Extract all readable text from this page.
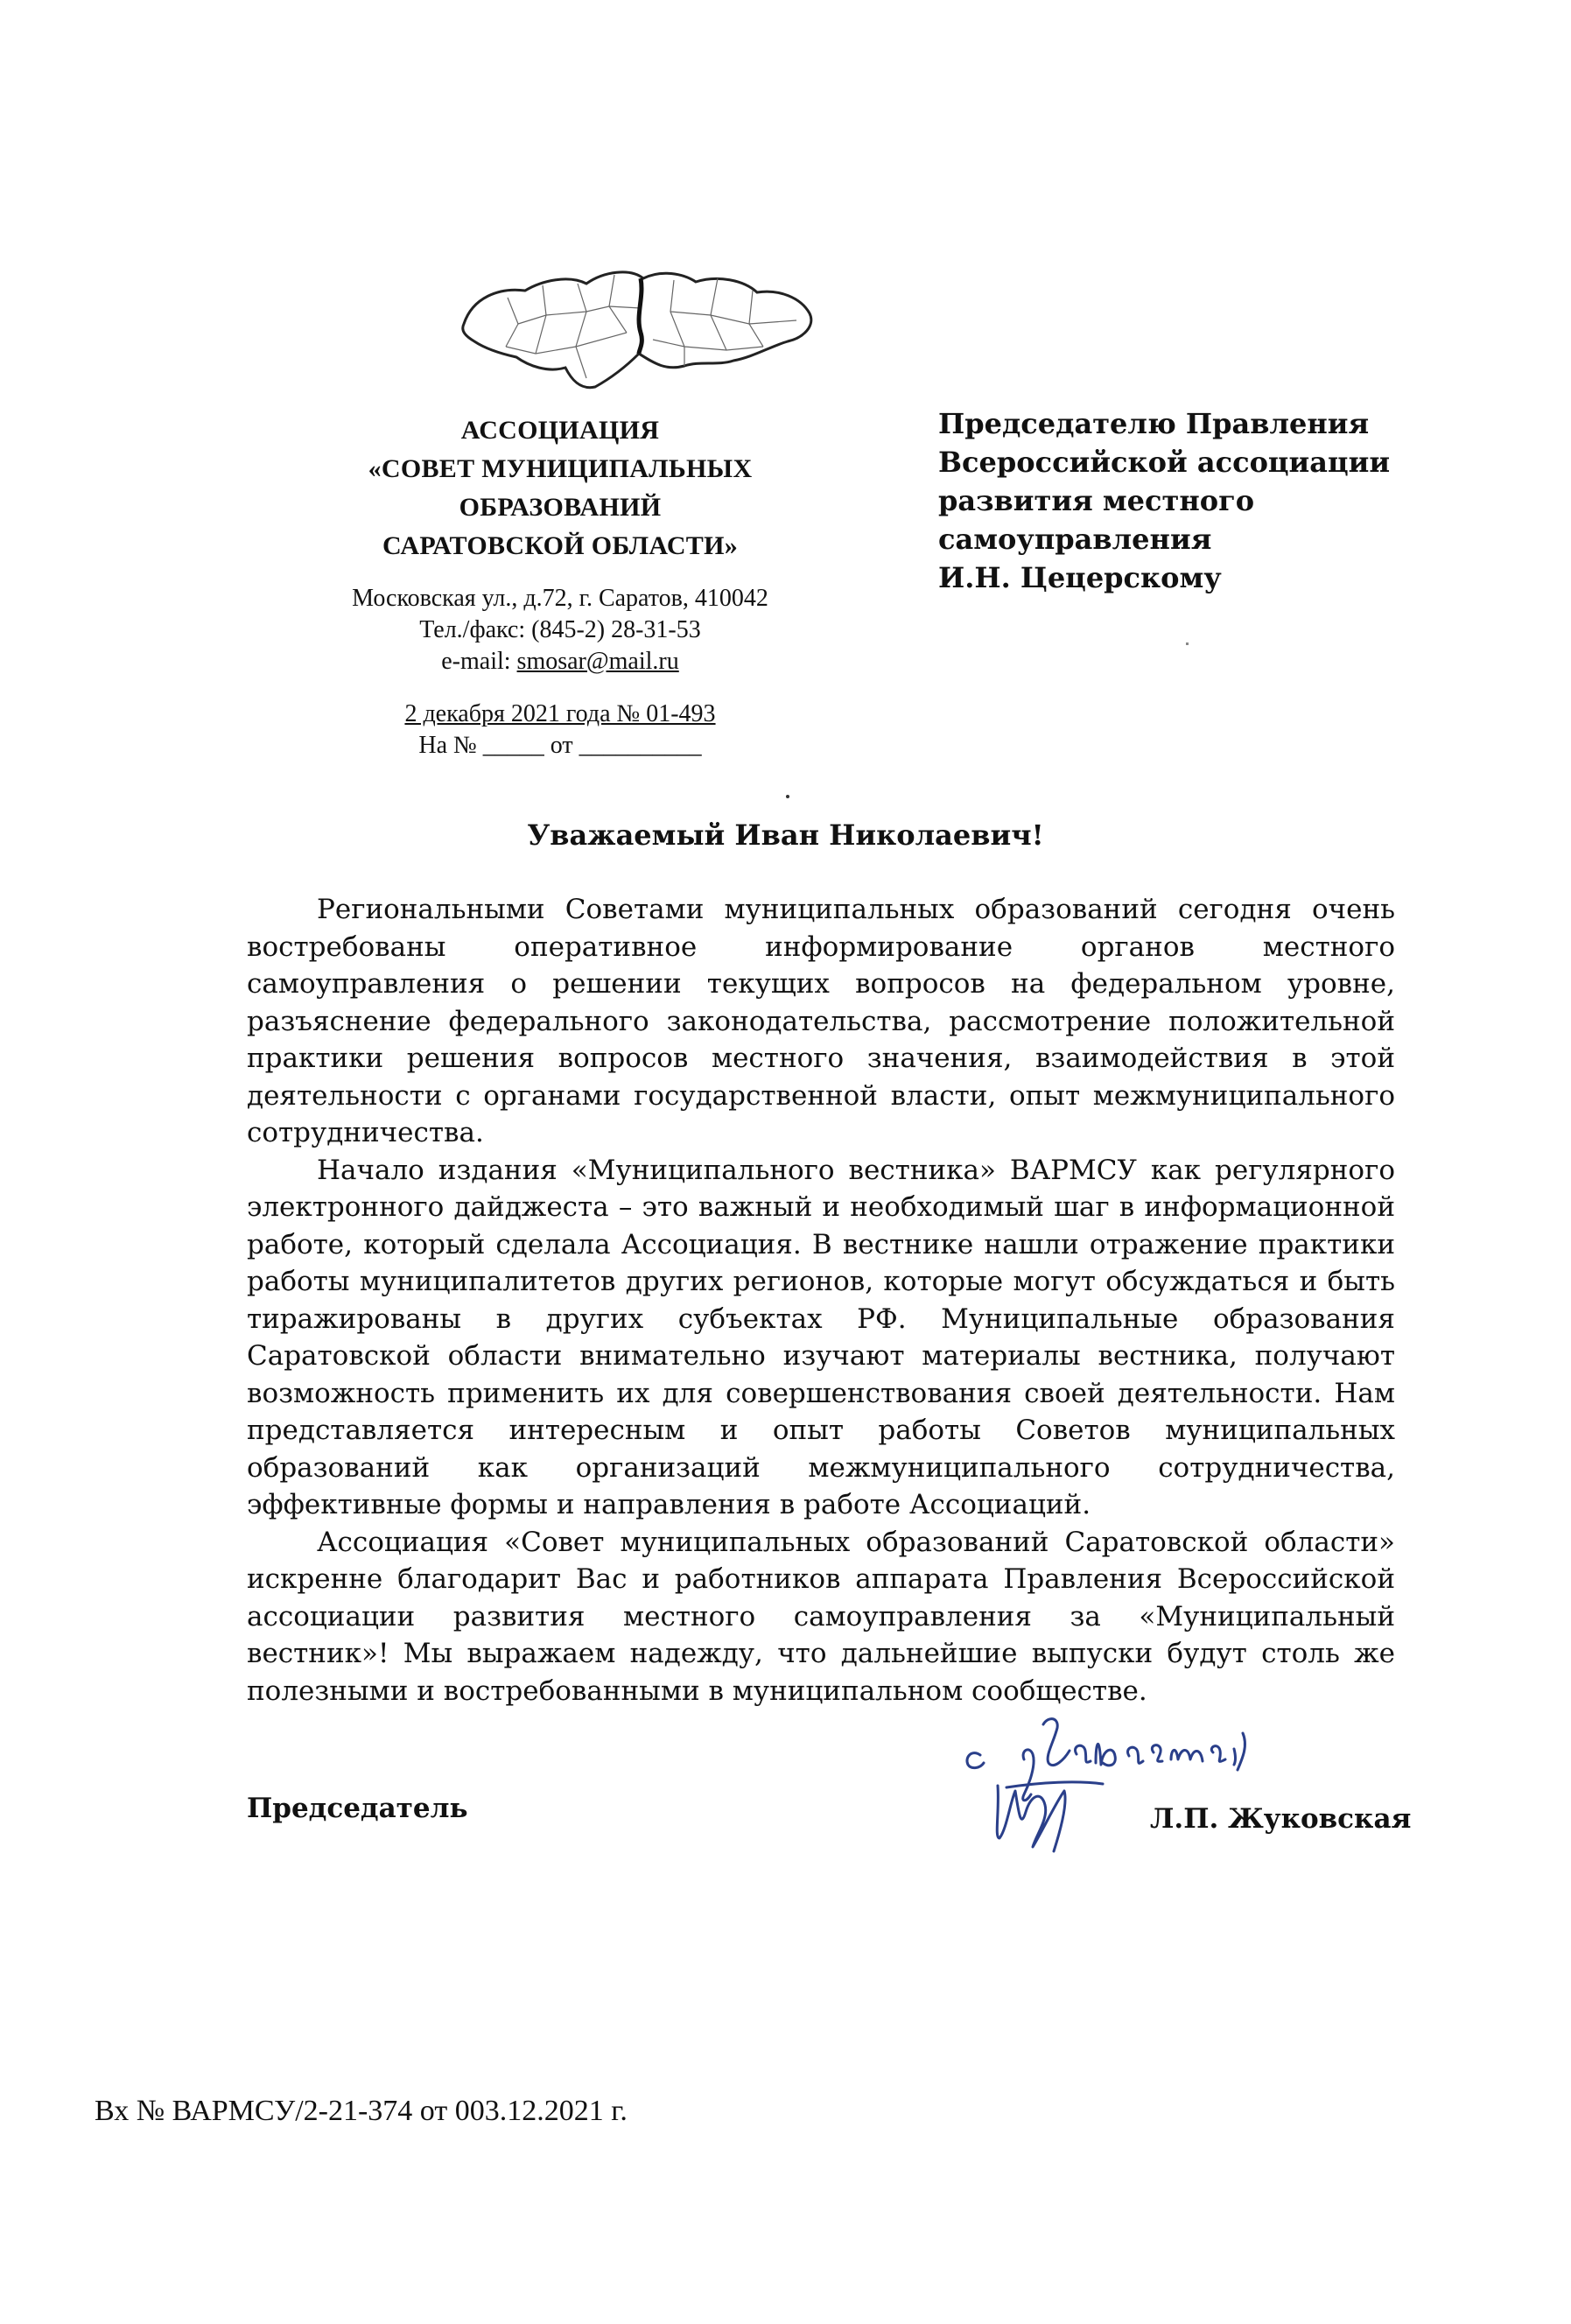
АССОЦИАЦИЯ
«СОВЕТ МУНИЦИПАЛЬНЫХ
ОБРАЗОВАНИЙ
САРАТОВСКОЙ ОБЛАСТИ»
Московская ул., д.72, г. Саратов, 410042
Тел./факс: (845-2) 28-31-53
e-mail: smosar@mail.ru
2 декабря 2021 года № 01-493
На № _____ от __________
Председателю Правления
Всероссийской ассоциации
развития местного
самоуправления
И.Н. Цецерскому
Уважаемый Иван Николаевич!

Региональными Советами муниципальных образований сегодня очень востребованы оперативное информирование органов местного самоуправления о решении текущих вопросов на федеральном уровне, разъяснение федерального законодательства, рассмотрение положительной практики решения вопросов местного значения, взаимодействия в этой деятельности с органами государственной власти, опыт межмуниципального сотрудничества.

Начало издания «Муниципального вестника» ВАРМСУ как регулярного электронного дайджеста – это важный и необходимый шаг в информационной работе, который сделала Ассоциация. В вестнике нашли отражение практики работы муниципалитетов других регионов, которые могут обсуждаться и быть тиражированы в других субъектах РФ. Муниципальные образования Саратовской области внимательно изучают материалы вестника, получают возможность применить их для совершенствования своей деятельности. Нам представляется интересным и опыт работы Советов муниципальных образований как организаций межмуниципального сотрудничества, эффективные формы и направления в работе Ассоциаций.

Ассоциация «Совет муниципальных образований Саратовской области» искренне благодарит Вас и работников аппарата Правления Всероссийской ассоциации развития местного самоуправления за «Муниципальный вестник»! Мы выражаем надежду, что дальнейшие выпуски будут столь же полезными и востребованными в муниципальном сообществе.

Председатель	Л.П. Жуковская
Вх № ВАРМСУ/2-21-374 от 003.12.2021 г.
